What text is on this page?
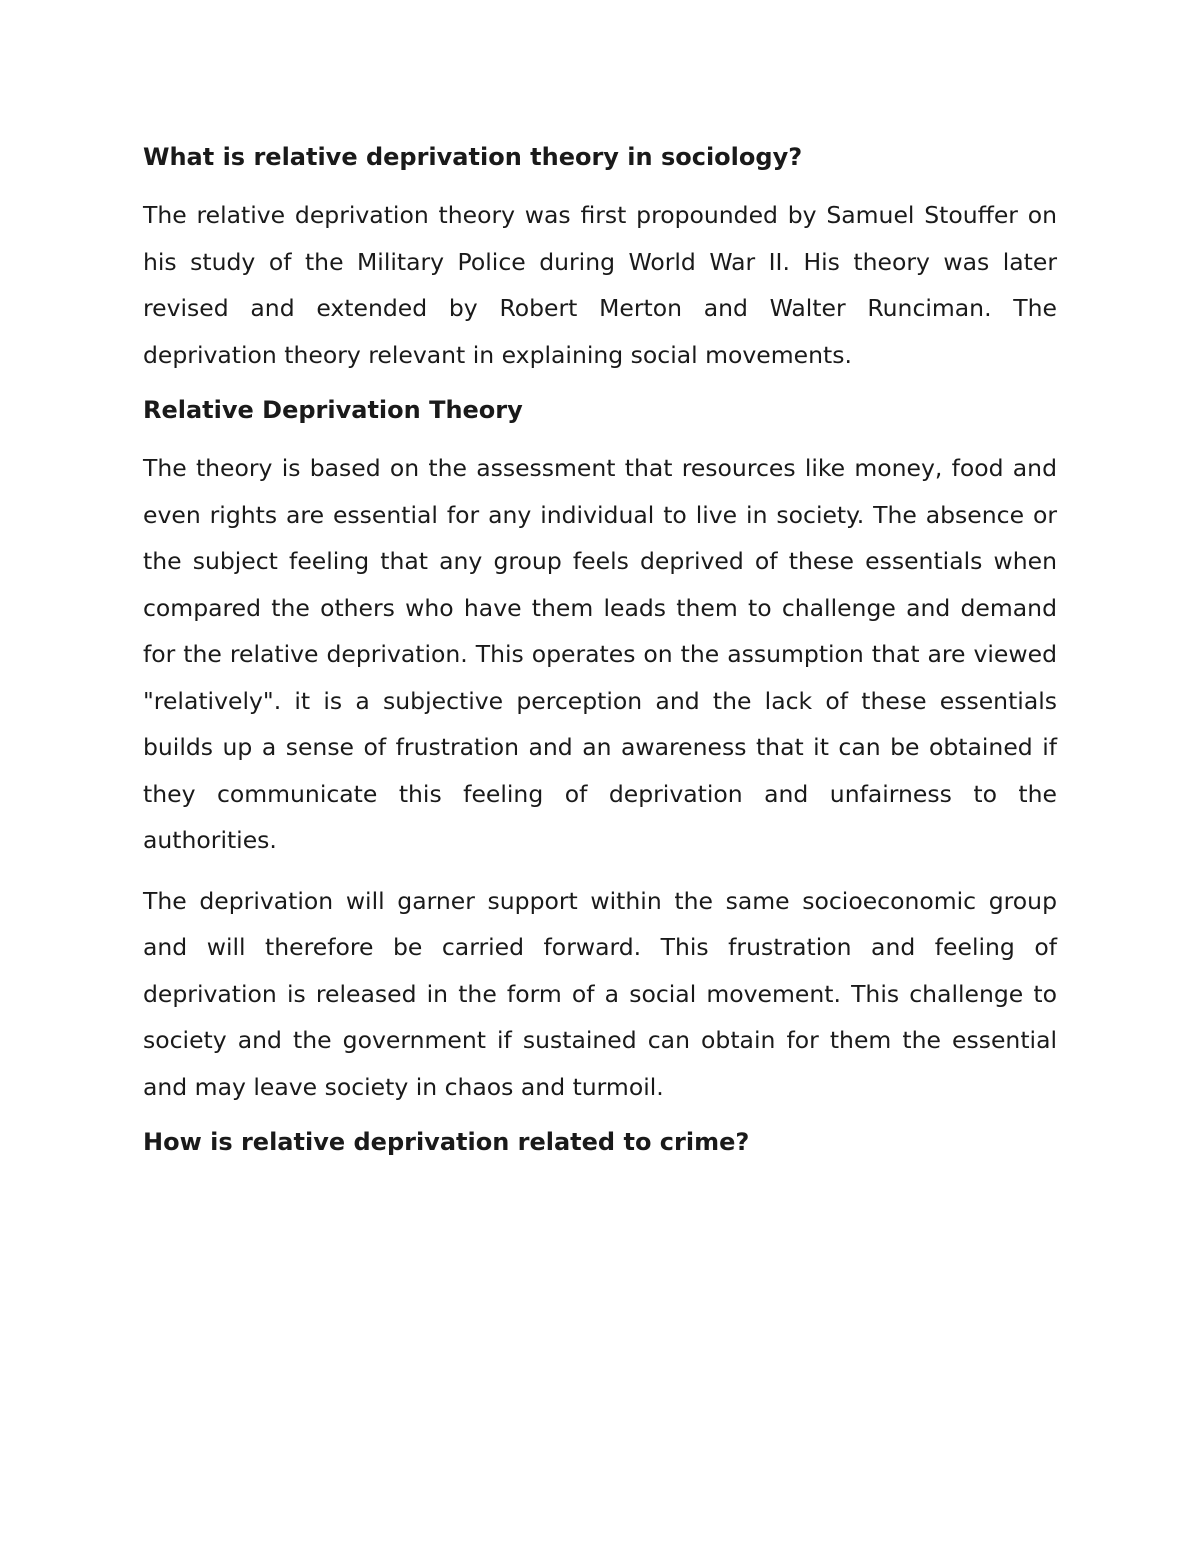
What is relative deprivation theory in sociology?

The relative deprivation theory was first propounded by Samuel Stouffer on his study of the Military Police during World War II. His theory was later revised and extended by Robert Merton and Walter Runciman. The deprivation theory relevant in explaining social movements.

Relative Deprivation Theory

The theory is based on the assessment that resources like money, food and even rights are essential for any individual to live in society. The absence or the subject feeling that any group feels deprived of these essentials when compared the others who have them leads them to challenge and demand for the relative deprivation. This operates on the assumption that are viewed "relatively". it is a subjective perception and the lack of these essentials builds up a sense of frustration and an awareness that it can be obtained if they communicate this feeling of deprivation and unfairness to the authorities.

The deprivation will garner support within the same socioeconomic group and will therefore be carried forward. This frustration and feeling of deprivation is released in the form of a social movement. This challenge to society and the government if sustained can obtain for them the essential and may leave society in chaos and turmoil.

How is relative deprivation related to crime?
